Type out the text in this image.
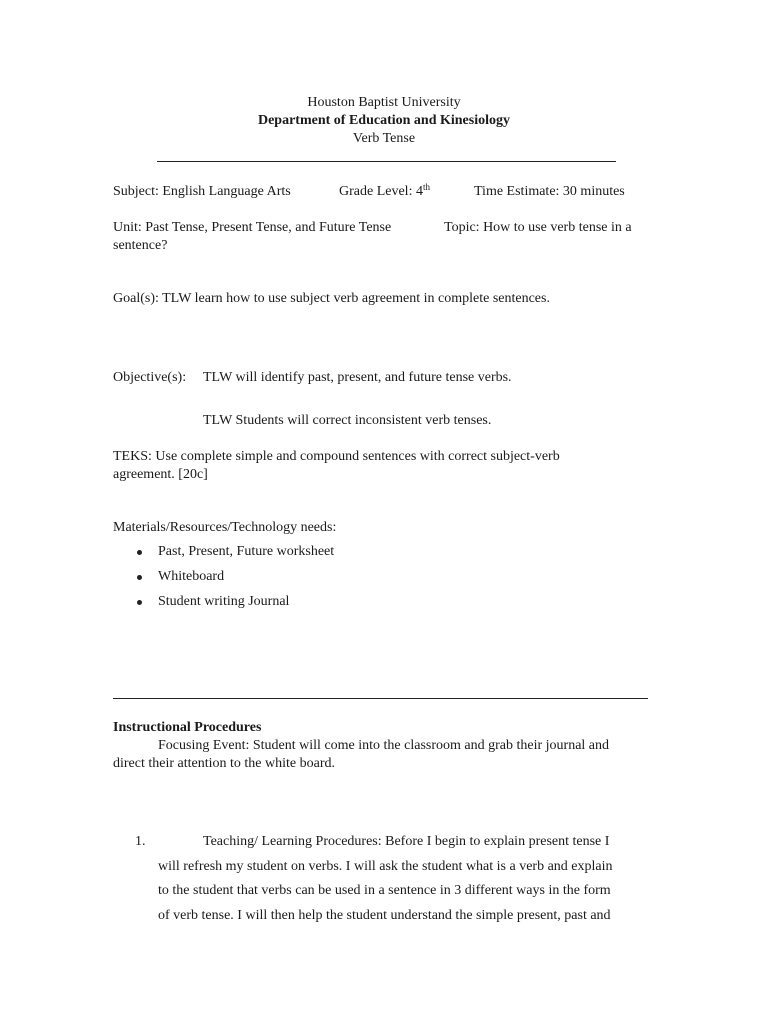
Houston Baptist University
Department of Education and Kinesiology
Verb Tense
Subject: English Language Arts	Grade Level: 4th	Time Estimate: 30 minutes
Unit: Past Tense, Present Tense, and Future Tense	Topic: How to use verb tense in a
sentence?
Goal(s): TLW learn how to use subject verb agreement in complete sentences.
Objective(s): TLW will identify past, present, and future tense verbs.
TLW Students will correct inconsistent verb tenses.
TEKS: Use complete simple and compound sentences with correct subject-verb
agreement. [20c]
Materials/Resources/Technology needs:
Past, Present, Future worksheet
Whiteboard
Student writing Journal
Instructional Procedures
Focusing Event: Student will come into the classroom and grab their journal and
direct their attention to the white board.
1.	Teaching/ Learning Procedures: Before I begin to explain present tense I
will refresh my student on verbs. I will ask the student what is a verb and explain
to the student that verbs can be used in a sentence in 3 different ways in the form
of verb tense. I will then help the student understand the simple present, past and
